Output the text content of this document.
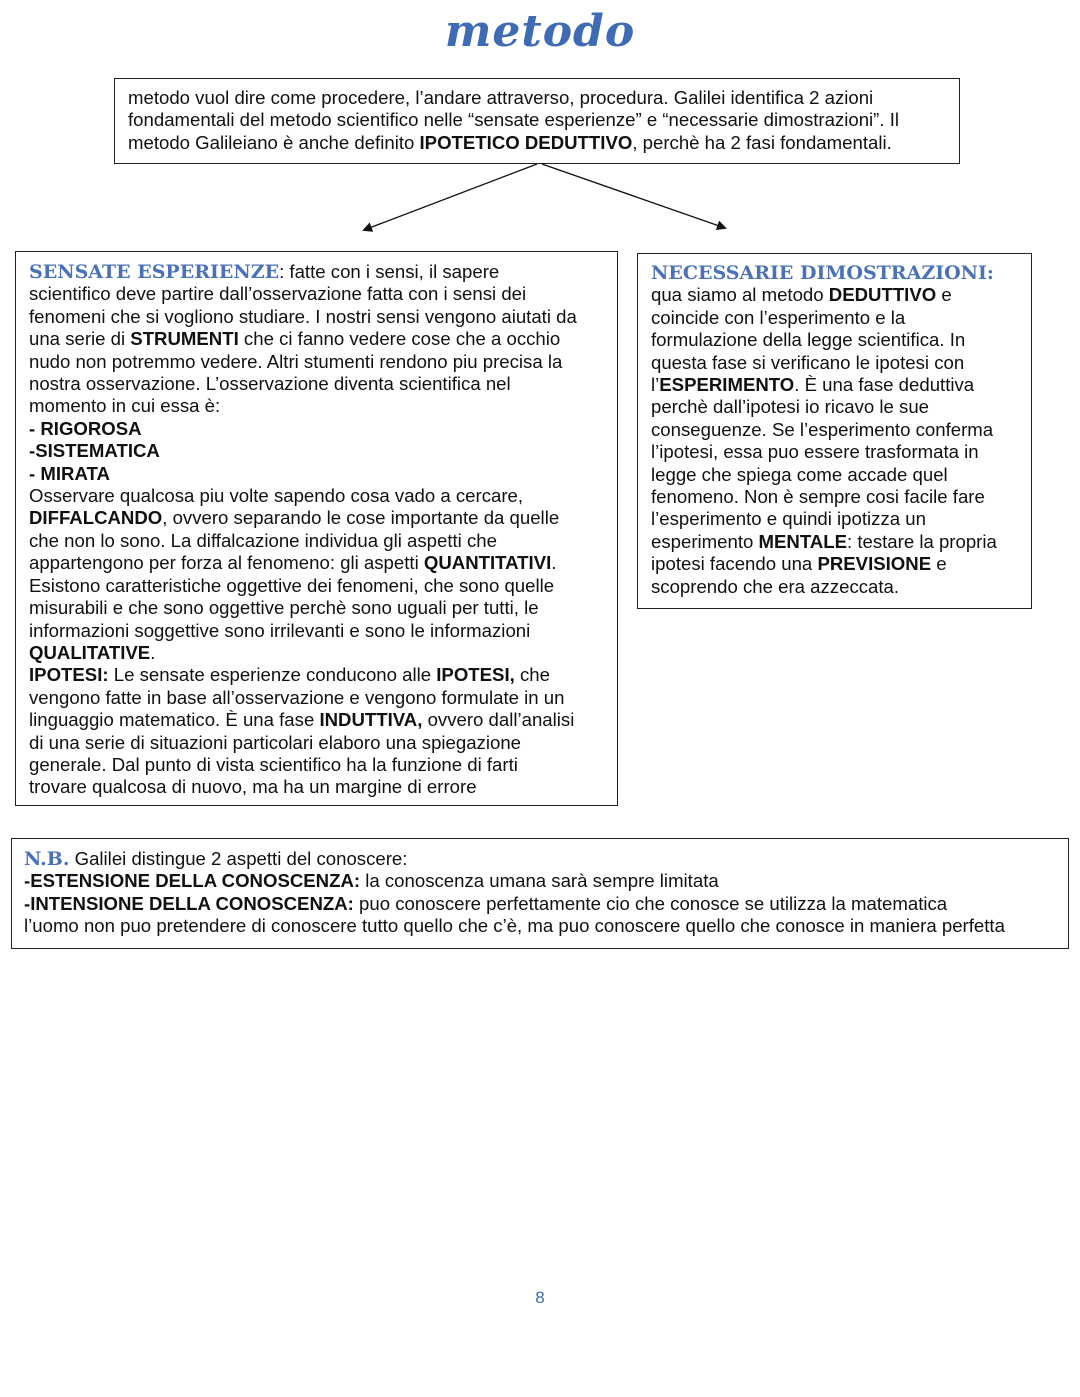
metodo
metodo vuol dire come procedere, l’andare attraverso, procedura. Galilei identifica 2 azioni
fondamentali del metodo scientifico nelle “sensate esperienze” e “necessarie dimostrazioni”. Il
metodo Galileiano è anche definito IPOTETICO DEDUTTIVO, perchè ha 2 fasi fondamentali.
SENSATE ESPERIENZE: fatte con i sensi, il sapere
scientifico deve partire dall’osservazione fatta con i sensi dei
fenomeni che si vogliono studiare. I nostri sensi vengono aiutati da
una serie di STRUMENTI che ci fanno vedere cose che a occhio
nudo non potremmo vedere. Altri stumenti rendono piu precisa la
nostra osservazione. L’osservazione diventa scientifica nel
momento in cui essa è:
- RIGOROSA
-SISTEMATICA
- MIRATA
Osservare qualcosa piu volte sapendo cosa vado a cercare,
DIFFALCANDO, ovvero separando le cose importante da quelle
che non lo sono. La diffalcazione individua gli aspetti che
appartengono per forza al fenomeno: gli aspetti QUANTITATIVI.
Esistono caratteristiche oggettive dei fenomeni, che sono quelle
misurabili e che sono oggettive perchè sono uguali per tutti, le
informazioni soggettive sono irrilevanti e sono le informazioni
QUALITATIVE.
IPOTESI: Le sensate esperienze conducono alle IPOTESI, che
vengono fatte in base all’osservazione e vengono formulate in un
linguaggio matematico. È una fase INDUTTIVA, ovvero dall’analisi
di una serie di situazioni particolari elaboro una spiegazione
generale. Dal punto di vista scientifico ha la funzione di farti
trovare qualcosa di nuovo, ma ha un margine di errore
NECESSARIE DIMOSTRAZIONI:
qua siamo al metodo DEDUTTIVO e
coincide con l’esperimento e la
formulazione della legge scientifica. In
questa fase si verificano le ipotesi con
l’ESPERIMENTO. È una fase deduttiva
perchè dall’ipotesi io ricavo le sue
conseguenze. Se l’esperimento conferma
l’ipotesi, essa puo essere trasformata in
legge che spiega come accade quel
fenomeno. Non è sempre cosi facile fare
l’esperimento e quindi ipotizza un
esperimento MENTALE: testare la propria
ipotesi facendo una PREVISIONE e
scoprendo che era azzeccata.
N.B. Galilei distingue 2 aspetti del conoscere:
-ESTENSIONE DELLA CONOSCENZA: la conoscenza umana sarà sempre limitata
-INTENSIONE DELLA CONOSCENZA: puo conoscere perfettamente cio che conosce se utilizza la matematica
l’uomo non puo pretendere di conoscere tutto quello che c’è, ma puo conoscere quello che conosce in maniera perfetta
8
